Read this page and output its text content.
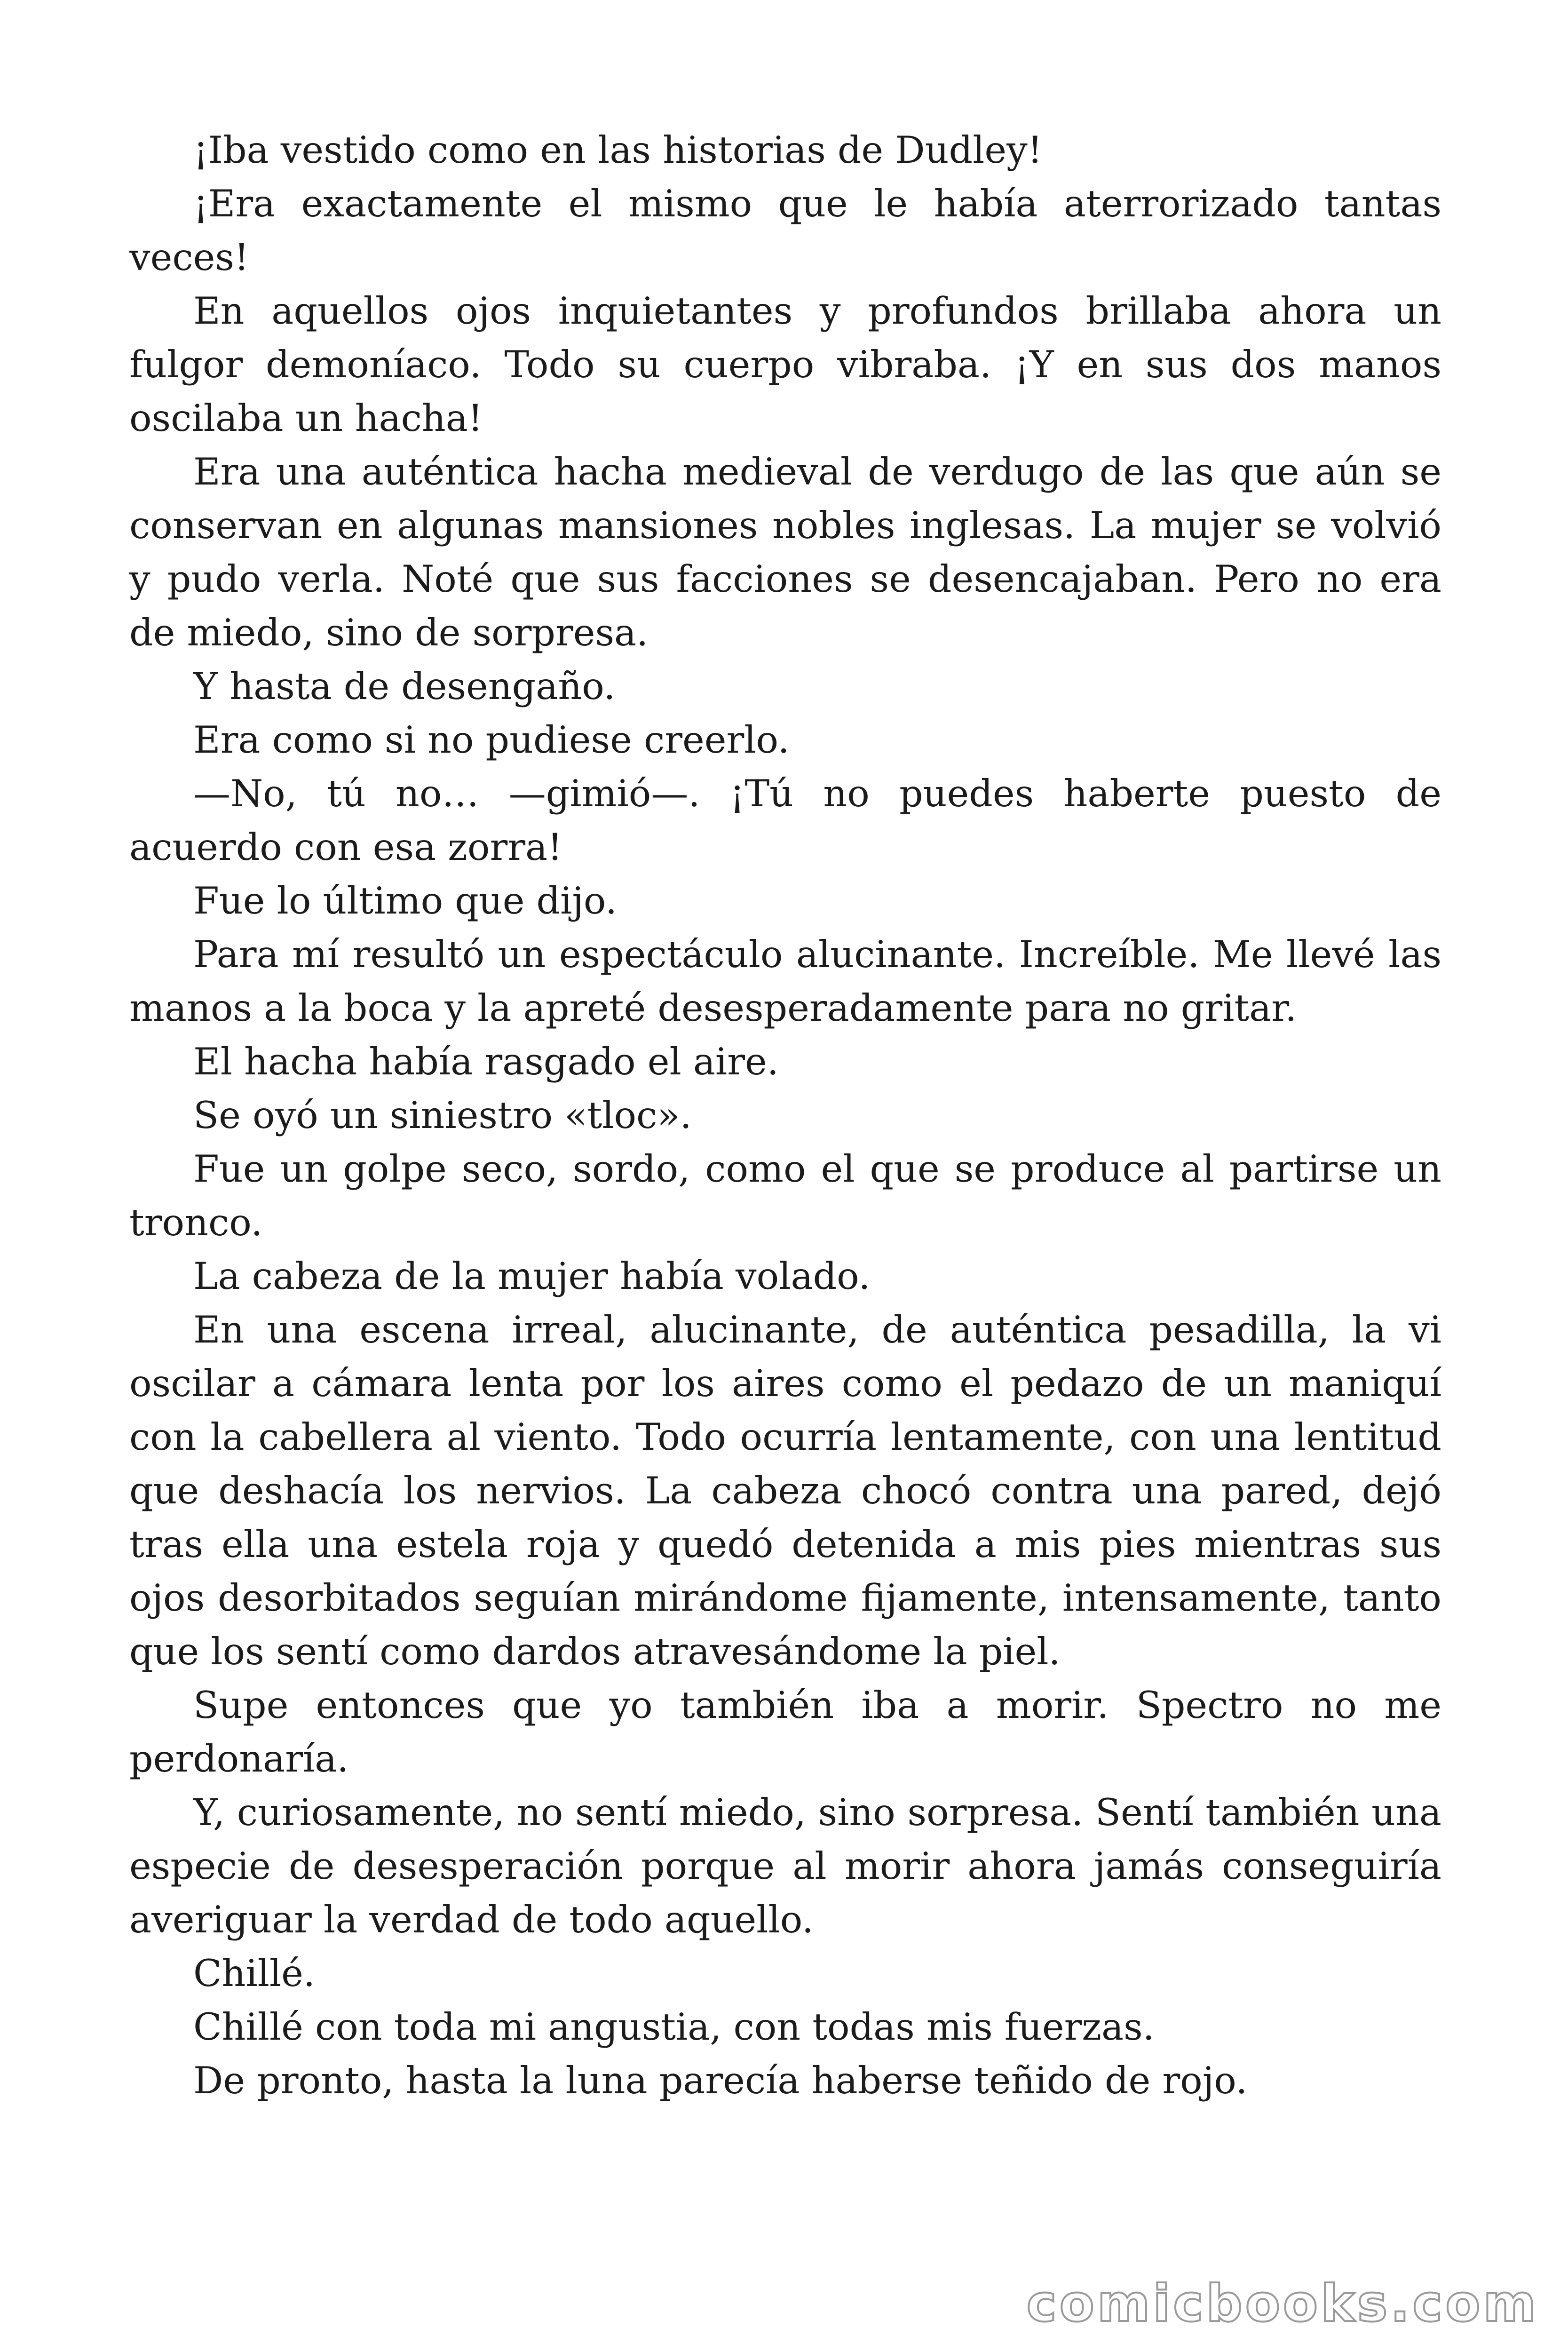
¡Iba vestido como en las historias de Dudley!

¡Era exactamente el mismo que le había aterrorizado tantas veces!

En aquellos ojos inquietantes y profundos brillaba ahora un fulgor demoníaco. Todo su cuerpo vibraba. ¡Y en sus dos manos oscilaba un hacha!

Era una auténtica hacha medieval de verdugo de las que aún se conservan en algunas mansiones nobles inglesas. La mujer se volvió y pudo verla. Noté que sus facciones se desencajaban. Pero no era de miedo, sino de sorpresa.

Y hasta de desengaño.

Era como si no pudiese creerlo.

—No, tú no… —gimió—. ¡Tú no puedes haberte puesto de acuerdo con esa zorra!

Fue lo último que dijo.

Para mí resultó un espectáculo alucinante. Increíble. Me llevé las manos a la boca y la apreté desesperadamente para no gritar.

El hacha había rasgado el aire.

Se oyó un siniestro «tloc».

Fue un golpe seco, sordo, como el que se produce al partirse un tronco.

La cabeza de la mujer había volado.

En una escena irreal, alucinante, de auténtica pesadilla, la vi oscilar a cámara lenta por los aires como el pedazo de un maniquí con la cabellera al viento. Todo ocurría lentamente, con una lentitud que deshacía los nervios. La cabeza chocó contra una pared, dejó tras ella una estela roja y quedó detenida a mis pies mientras sus ojos desorbitados seguían mirándome fijamente, intensamente, tanto que los sentí como dardos atravesándome la piel.

Supe entonces que yo también iba a morir. Spectro no me perdonaría.

Y, curiosamente, no sentí miedo, sino sorpresa. Sentí también una especie de desesperación porque al morir ahora jamás conseguiría averiguar la verdad de todo aquello.

Chillé.

Chillé con toda mi angustia, con todas mis fuerzas.

De pronto, hasta la luna parecía haberse teñido de rojo.

comicbooks.com
